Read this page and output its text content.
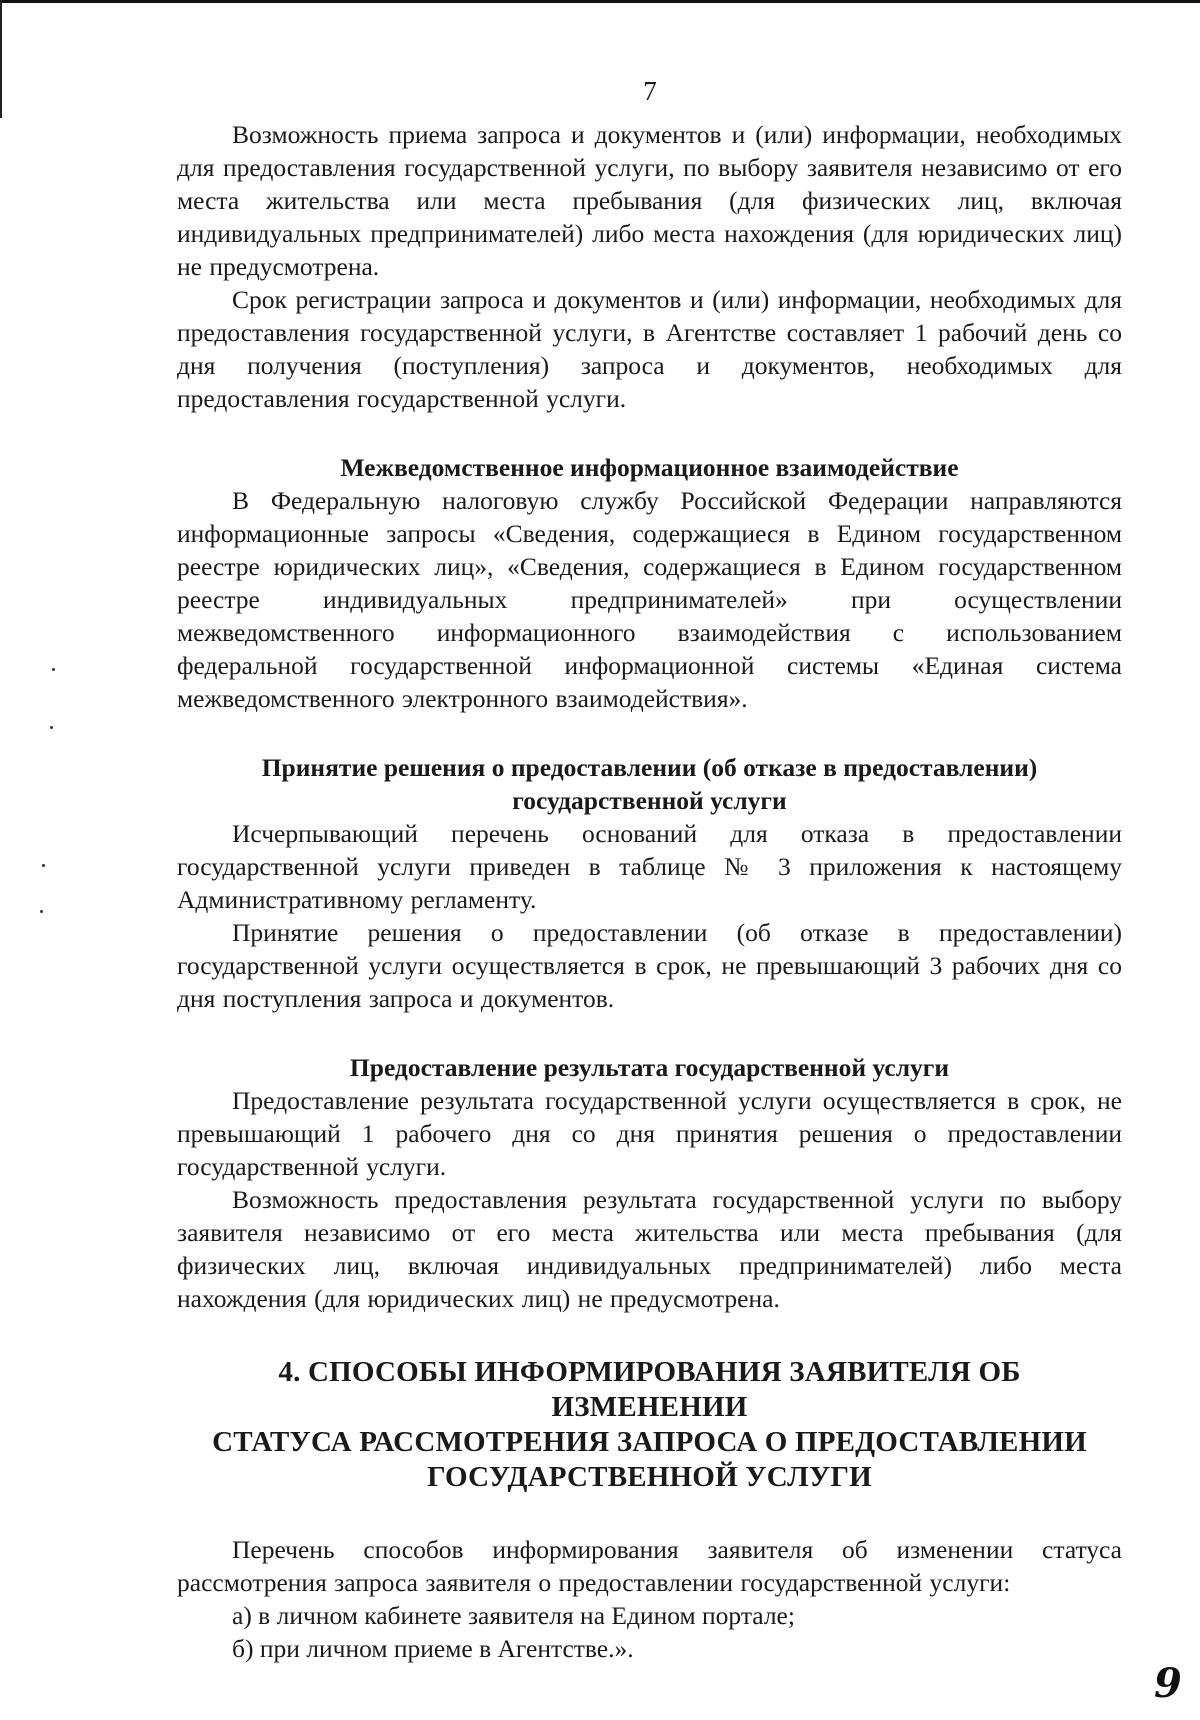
7

Возможность приема запроса и документов и (или) информации, необходимых для предоставления государственной услуги, по выбору заявителя независимо от его места жительства или места пребывания (для физических лиц, включая индивидуальных предпринимателей) либо места нахождения (для юридических лиц) не предусмотрена.

Срок регистрации запроса и документов и (или) информации, необходимых для предоставления государственной услуги, в Агентстве составляет 1 рабочий день со дня получения (поступления) запроса и документов, необходимых для предоставления государственной услуги.

Межведомственное информационное взаимодействие

В Федеральную налоговую службу Российской Федерации направляются информационные запросы «Сведения, содержащиеся в Едином государственном реестре юридических лиц», «Сведения, содержащиеся в Едином государственном реестре индивидуальных предпринимателей» при осуществлении межведомственного информационного взаимодействия с использованием федеральной государственной информационной системы «Единая система межведомственного электронного взаимодействия».

Принятие решения о предоставлении (об отказе в предоставлении)

государственной услуги

Исчерпывающий перечень оснований для отказа в предоставлении государственной услуги приведен в таблице № 3 приложения к настоящему Административному регламенту.

Принятие решения о предоставлении (об отказе в предоставлении) государственной услуги осуществляется в срок, не превышающий 3 рабочих дня со дня поступления запроса и документов.

Предоставление результата государственной услуги

Предоставление результата государственной услуги осуществляется в срок, не превышающий 1 рабочего дня со дня принятия решения о предоставлении государственной услуги.

Возможность предоставления результата государственной услуги по выбору заявителя независимо от его места жительства или места пребывания (для физических лиц, включая индивидуальных предпринимателей) либо места нахождения (для юридических лиц) не предусмотрена.

4. СПОСОБЫ ИНФОРМИРОВАНИЯ ЗАЯВИТЕЛЯ ОБ ИЗМЕНЕНИИ
СТАТУСА РАССМОТРЕНИЯ ЗАПРОСА О ПРЕДОСТАВЛЕНИИ
ГОСУДАРСТВЕННОЙ УСЛУГИ

Перечень способов информирования заявителя об изменении статуса рассмотрения запроса заявителя о предоставлении государственной услуги:

а) в личном кабинете заявителя на Едином портале;

б) при личном приеме в Агентстве.».

9
